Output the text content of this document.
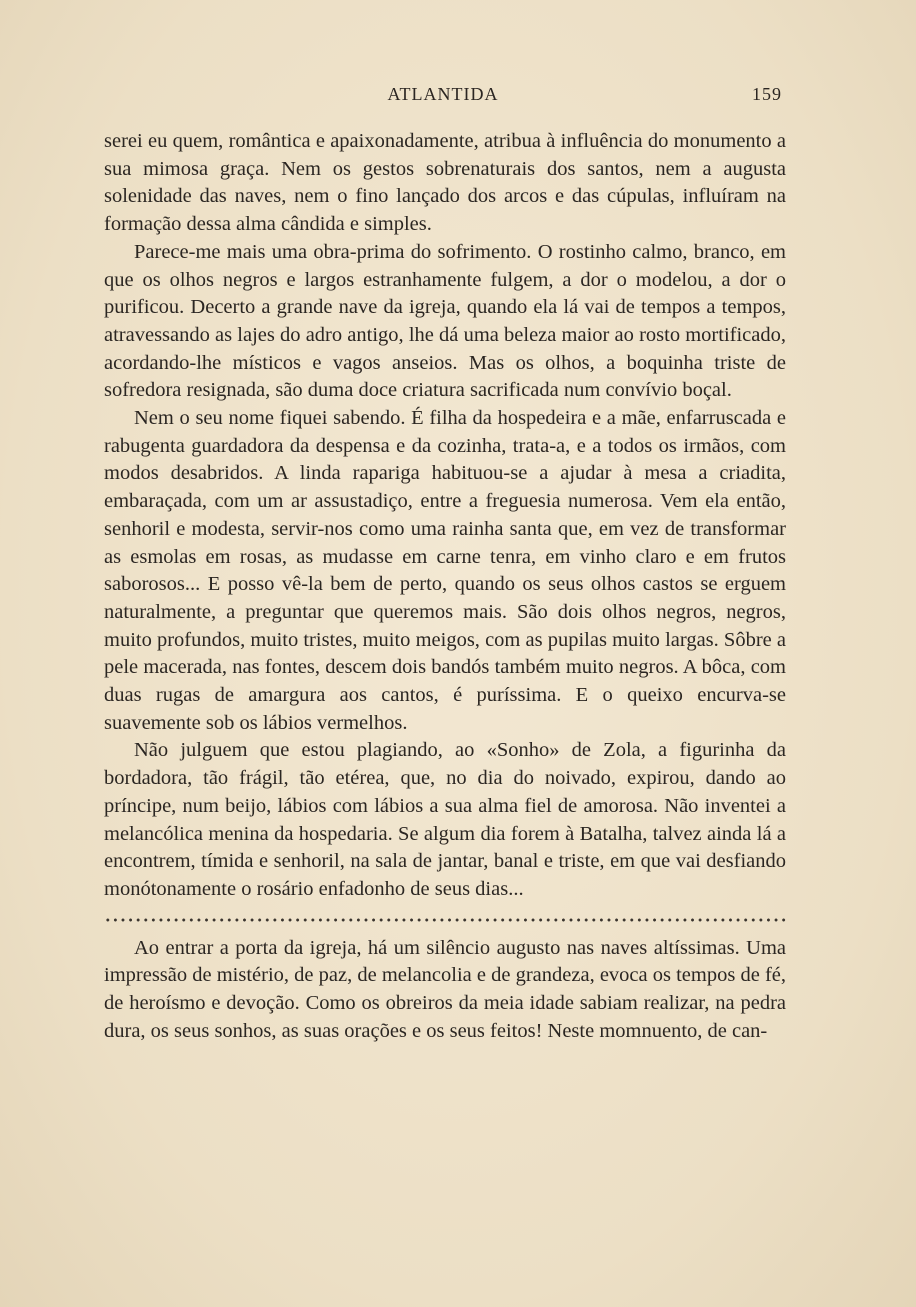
ATLANTIDA	159

serei eu quem, romântica e apaixonadamente, atribua à influência do monumento a sua mimosa graça. Nem os gestos sobrenaturais dos santos, nem a augusta solenidade das naves, nem o fino lançado dos arcos e das cúpulas, influíram na formação dessa alma cândida e simples.

Parece-me mais uma obra-prima do sofrimento. O rostinho calmo, branco, em que os olhos negros e largos estranhamente fulgem, a dor o modelou, a dor o purificou. Decerto a grande nave da igreja, quando ela lá vai de tempos a tempos, atravessando as lajes do adro antigo, lhe dá uma beleza maior ao rosto mortificado, acordando-lhe místicos e vagos anseios. Mas os olhos, a boquinha triste de sofredora resignada, são duma doce criatura sacrificada num convívio boçal.

Nem o seu nome fiquei sabendo. É filha da hospedeira e a mãe, enfarruscada e rabugenta guardadora da despensa e da cozinha, trata-a, e a todos os irmãos, com modos desabridos. A linda rapariga habituou-se a ajudar à mesa a criadita, embaraçada, com um ar assustadiço, entre a freguesia numerosa. Vem ela então, senhoril e modesta, servir-nos como uma rainha santa que, em vez de transformar as esmolas em rosas, as mudasse em carne tenra, em vinho claro e em frutos saborosos... E posso vê-la bem de perto, quando os seus olhos castos se erguem naturalmente, a preguntar que queremos mais. São dois olhos negros, negros, muito profundos, muito tristes, muito meigos, com as pupilas muito largas. Sôbre a pele macerada, nas fontes, descem dois bandós também muito negros. A bôca, com duas rugas de amargura aos cantos, é puríssima. E o queixo encurva-se suavemente sob os lábios vermelhos.

Não julguem que estou plagiando, ao «Sonho» de Zola, a figurinha da bordadora, tão frágil, tão etérea, que, no dia do noivado, expirou, dando ao príncipe, num beijo, lábios com lábios a sua alma fiel de amorosa. Não inventei a melancólica menina da hospedaria. Se algum dia forem à Batalha, talvez ainda lá a encontrem, tímida e senhoril, na sala de jantar, banal e triste, em que vai desfiando monótonamente o rosário enfadonho de seus dias...

Ao entrar a porta da igreja, há um silêncio augusto nas naves altíssimas. Uma impressão de mistério, de paz, de melancolia e de grandeza, evoca os tempos de fé, de heroísmo e devoção. Como os obreiros da meia idade sabiam realizar, na pedra dura, os seus sonhos, as suas orações e os seus feitos! Neste momnuento, de can-
